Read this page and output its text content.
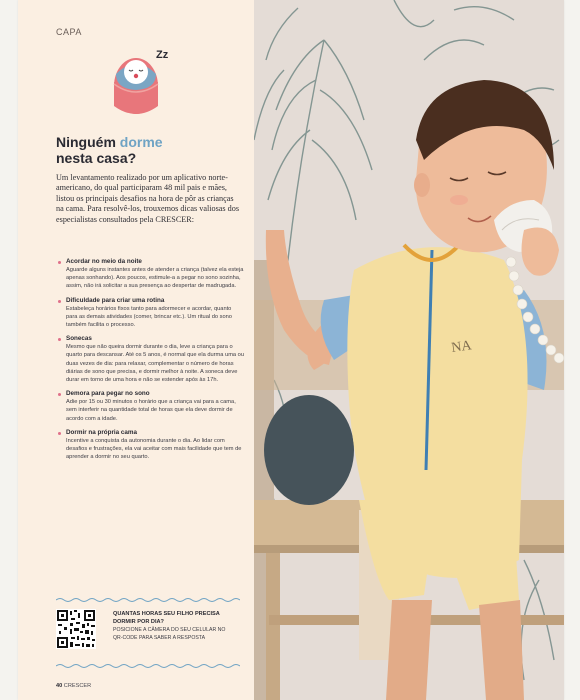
CAPA
Zz
Ninguém dorme
nesta casa?
Um levantamento realizado por um aplicativo norte-americano, do qual participaram 48 mil pais e mães, listou os principais desafios na hora de pôr as crianças na cama. Para resolvê-los, trouxemos dicas valiosas dos especialistas consultados pela CRESCER:
Acordar no meio da noite
Aguarde alguns instantes antes de atender a criança (talvez ela esteja apenas sonhando). Aos poucos, estimule-a a pegar no sono sozinha, assim, não irá solicitar a sua presença ao despertar de madrugada.
Dificuldade para criar uma rotina
Estabeleça horários fixos tanto para adormecer e acordar, quanto para as demais atividades (comer, brincar etc.). Um ritual do sono também facilita o processo.
Sonecas
Mesmo que não queira dormir durante o dia, leve a criança para o quarto para descansar. Até os 5 anos, é normal que ela durma uma ou duas vezes de dia: para relaxar, complementar o número de horas diárias de sono que precisa, e dormir melhor à noite. A soneca deve durar em torno de uma hora e não se estender após às 17h.
Demora para pegar no sono
Adie por 15 ou 30 minutos o horário que a criança vai para a cama, sem interferir na quantidade total de horas que ela deve dormir de acordo com a idade.
Dormir na própria cama
Incentive a conquista da autonomia durante o dia. Ao lidar com desafios e frustrações, ela vai aceitar com mais facilidade que tem de aprender a dormir no seu quarto.
QUANTAS HORAS SEU FILHO PRECISA DORMIR POR DIA?
POSICIONE A CÂMERA DO SEU CELULAR NO QR-CODE PARA SABER A RESPOSTA
40 CRESCER
NA
